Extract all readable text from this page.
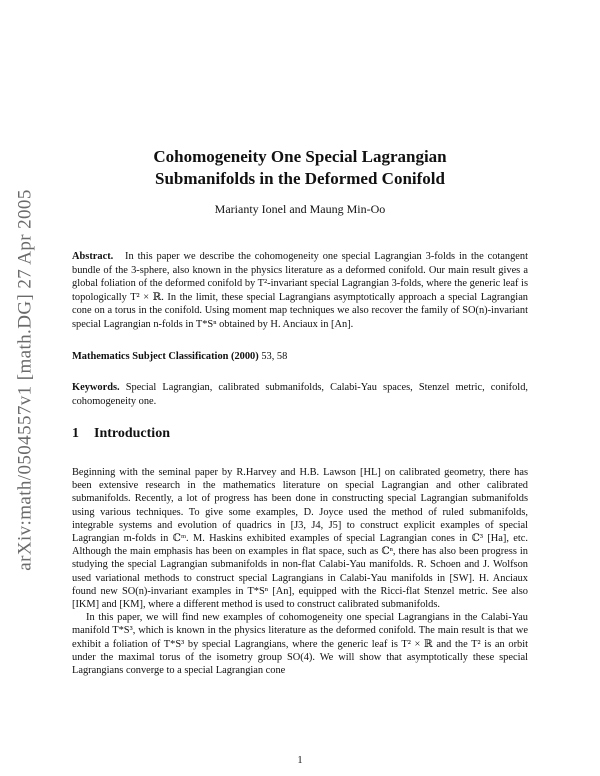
arXiv:math/0504557v1 [math.DG] 27 Apr 2005
Cohomogeneity One Special Lagrangian
Submanifolds in the Deformed Conifold
Marianty Ionel and Maung Min-Oo
Abstract. In this paper we describe the cohomogeneity one special Lagrangian 3-folds in the cotangent bundle of the 3-sphere, also known in the physics literature as a deformed conifold. Our main result gives a global foliation of the deformed conifold by T²-invariant special Lagrangian 3-folds, where the generic leaf is topologically T² × ℝ. In the limit, these special Lagrangians asymptotically approach a special Lagrangian cone on a torus in the conifold. Using moment map techniques we also recover the family of SO(n)-invariant special Lagrangian n-folds in T*Sⁿ obtained by H. Anciaux in [An].
Mathematics Subject Classification (2000) 53, 58
Keywords. Special Lagrangian, calibrated submanifolds, Calabi-Yau spaces, Stenzel metric, conifold, cohomogeneity one.
1 Introduction

Beginning with the seminal paper by R.Harvey and H.B. Lawson [HL] on calibrated geometry, there has been extensive research in the mathematics literature on special Lagrangian and other calibrated submanifolds. Recently, a lot of progress has been done in constructing special Lagrangian submanifolds using various techniques. To give some examples, D. Joyce used the method of ruled submanifolds, integrable systems and evolution of quadrics in [J3, J4, J5] to construct explicit examples of special Lagrangian m-folds in ℂᵐ. M. Haskins exhibited examples of special Lagrangian cones in ℂ³ [Ha], etc. Although the main emphasis has been on examples in flat space, such as ℂⁿ, there has also been progress in studying the special Lagrangian submanifolds in non-flat Calabi-Yau manifolds. R. Schoen and J. Wolfson used variational methods to construct special Lagrangians in Calabi-Yau manifolds in [SW]. H. Anciaux found new SO(n)-invariant examples in T*Sⁿ [An], equipped with the Ricci-flat Stenzel metric. See also [IKM] and [KM], where a different method is used to construct calibrated submanifolds.

In this paper, we will find new examples of cohomogeneity one special Lagrangians in the Calabi-Yau manifold T*S³, which is known in the physics literature as the deformed conifold. The main result is that we exhibit a foliation of T*S³ by special Lagrangians, where the generic leaf is T² × ℝ and the T² is an orbit under the maximal torus of the isometry group SO(4). We will show that asymptotically these special Lagrangians converge to a special Lagrangian cone

1
